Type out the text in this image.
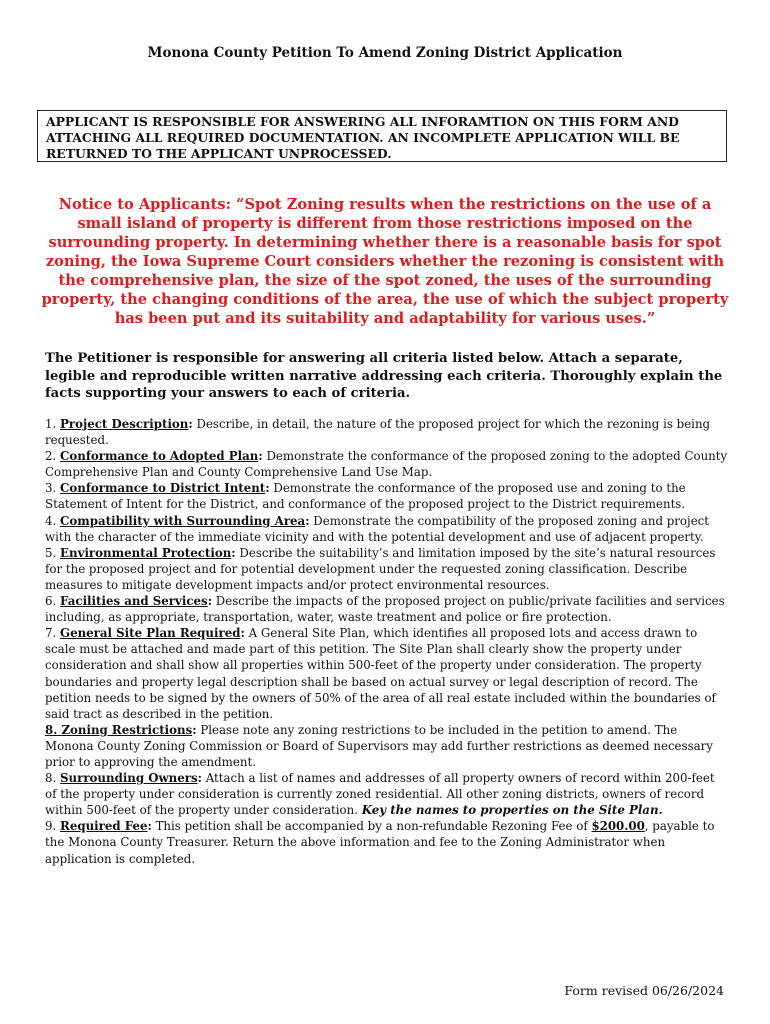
Monona County Petition To Amend Zoning District Application
APPLICANT IS RESPONSIBLE FOR ANSWERING ALL INFORAMTION ON THIS FORM AND ATTACHING ALL REQUIRED DOCUMENTATION. AN INCOMPLETE APPLICATION WILL BE RETURNED TO THE APPLICANT UNPROCESSED.
Notice to Applicants: “Spot Zoning results when the restrictions on the use of a small island of property is different from those restrictions imposed on the surrounding property. In determining whether there is a reasonable basis for spot zoning, the Iowa Supreme Court considers whether the rezoning is consistent with the comprehensive plan, the size of the spot zoned, the uses of the surrounding property, the changing conditions of the area, the use of which the subject property has been put and its suitability and adaptability for various uses.”
The Petitioner is responsible for answering all criteria listed below. Attach a separate, legible and reproducible written narrative addressing each criteria. Thoroughly explain the facts supporting your answers to each of criteria.

1. Project Description: Describe, in detail, the nature of the proposed project for which the rezoning is being requested.

2. Conformance to Adopted Plan: Demonstrate the conformance of the proposed zoning to the adopted County Comprehensive Plan and County Comprehensive Land Use Map.

3. Conformance to District Intent: Demonstrate the conformance of the proposed use and zoning to the Statement of Intent for the District, and conformance of the proposed project to the District requirements.

4. Compatibility with Surrounding Area: Demonstrate the compatibility of the proposed zoning and project with the character of the immediate vicinity and with the potential development and use of adjacent property.

5. Environmental Protection: Describe the suitability’s and limitation imposed by the site’s natural resources for the proposed project and for potential development under the requested zoning classification. Describe measures to mitigate development impacts and/or protect environmental resources.

6. Facilities and Services: Describe the impacts of the proposed project on public/private facilities and services including, as appropriate, transportation, water, waste treatment and police or fire protection.

7. General Site Plan Required: A General Site Plan, which identifies all proposed lots and access drawn to scale must be attached and made part of this petition. The Site Plan shall clearly show the property under consideration and shall show all properties within 500-feet of the property under consideration. The property boundaries and property legal description shall be based on actual survey or legal description of record. The petition needs to be signed by the owners of 50% of the area of all real estate included within the boundaries of said tract as described in the petition.

8. Zoning Restrictions: Please note any zoning restrictions to be included in the petition to amend. The Monona County Zoning Commission or Board of Supervisors may add further restrictions as deemed necessary prior to approving the amendment.

8. Surrounding Owners: Attach a list of names and addresses of all property owners of record within 200-feet of the property under consideration is currently zoned residential. All other zoning districts, owners of record within 500-feet of the property under consideration. Key the names to properties on the Site Plan.

9. Required Fee: This petition shall be accompanied by a non-refundable Rezoning Fee of $200.00, payable to the Monona County Treasurer. Return the above information and fee to the Zoning Administrator when application is completed.

Form revised 06/26/2024
